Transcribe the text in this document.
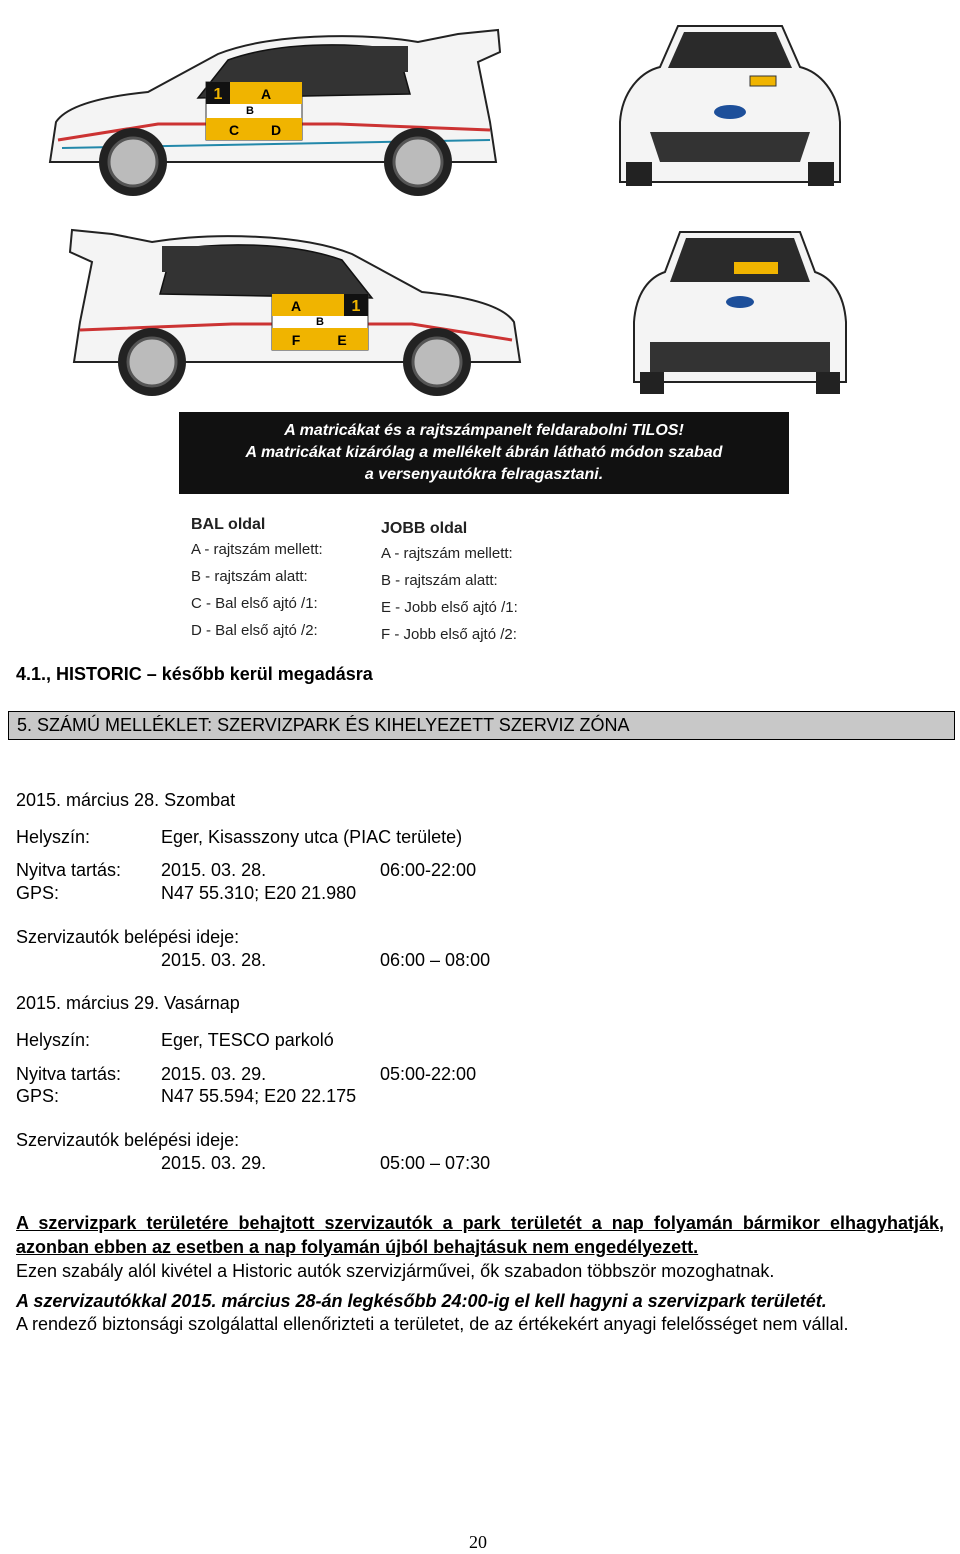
1	A
B
C D
A	1
B
F	E
A matricákat és a rajtszámpanelt feldarabolni TILOS!
A matricákat kizárólag a mellékelt ábrán látható módon szabad
a versenyautókra felragasztani.
BAL oldal
A - rajtszám mellett:
B - rajtszám alatt:
C - Bal első ajtó /1:
D - Bal első ajtó /2:
JOBB oldal
A - rajtszám mellett:
B - rajtszám alatt:
E - Jobb első ajtó /1:
F - Jobb első ajtó /2:
4.1., HISTORIC – később kerül megadásra
5. SZÁMÚ MELLÉKLET: SZERVIZPARK ÉS KIHELYEZETT SZERVIZ ZÓNA
2015. március 28. Szombat
Helyszín:	Eger, Kisasszony utca (PIAC területe)
Nyitva tartás: 2015. 03. 28.	06:00-22:00
GPS:	N47 55.310; E20 21.980
Szervizautók belépési ideje:
2015. 03. 28.	06:00 – 08:00
2015. március 29. Vasárnap
Helyszín:	Eger, TESCO parkoló
Nyitva tartás: 2015. 03. 29.	05:00-22:00
GPS:	N47 55.594; E20 22.175
Szervizautók belépési ideje:
2015. 03. 29.	05:00 – 07:30
A szervizpark területére behajtott szervizautók a park területét a nap folyamán bármikor elhagyhatják, azonban ebben az esetben a nap folyamán újból behajtásuk nem engedélyezett.
Ezen szabály alól kivétel a Historic autók szervizjárművei, ők szabadon többször mozoghatnak.
A szervizautókkal 2015. március 28-án legkésőbb 24:00-ig el kell hagyni a szervizpark területét.
A rendező biztonsági szolgálattal ellenőrizteti a területet, de az értékekért anyagi felelősséget nem vállal.
20
